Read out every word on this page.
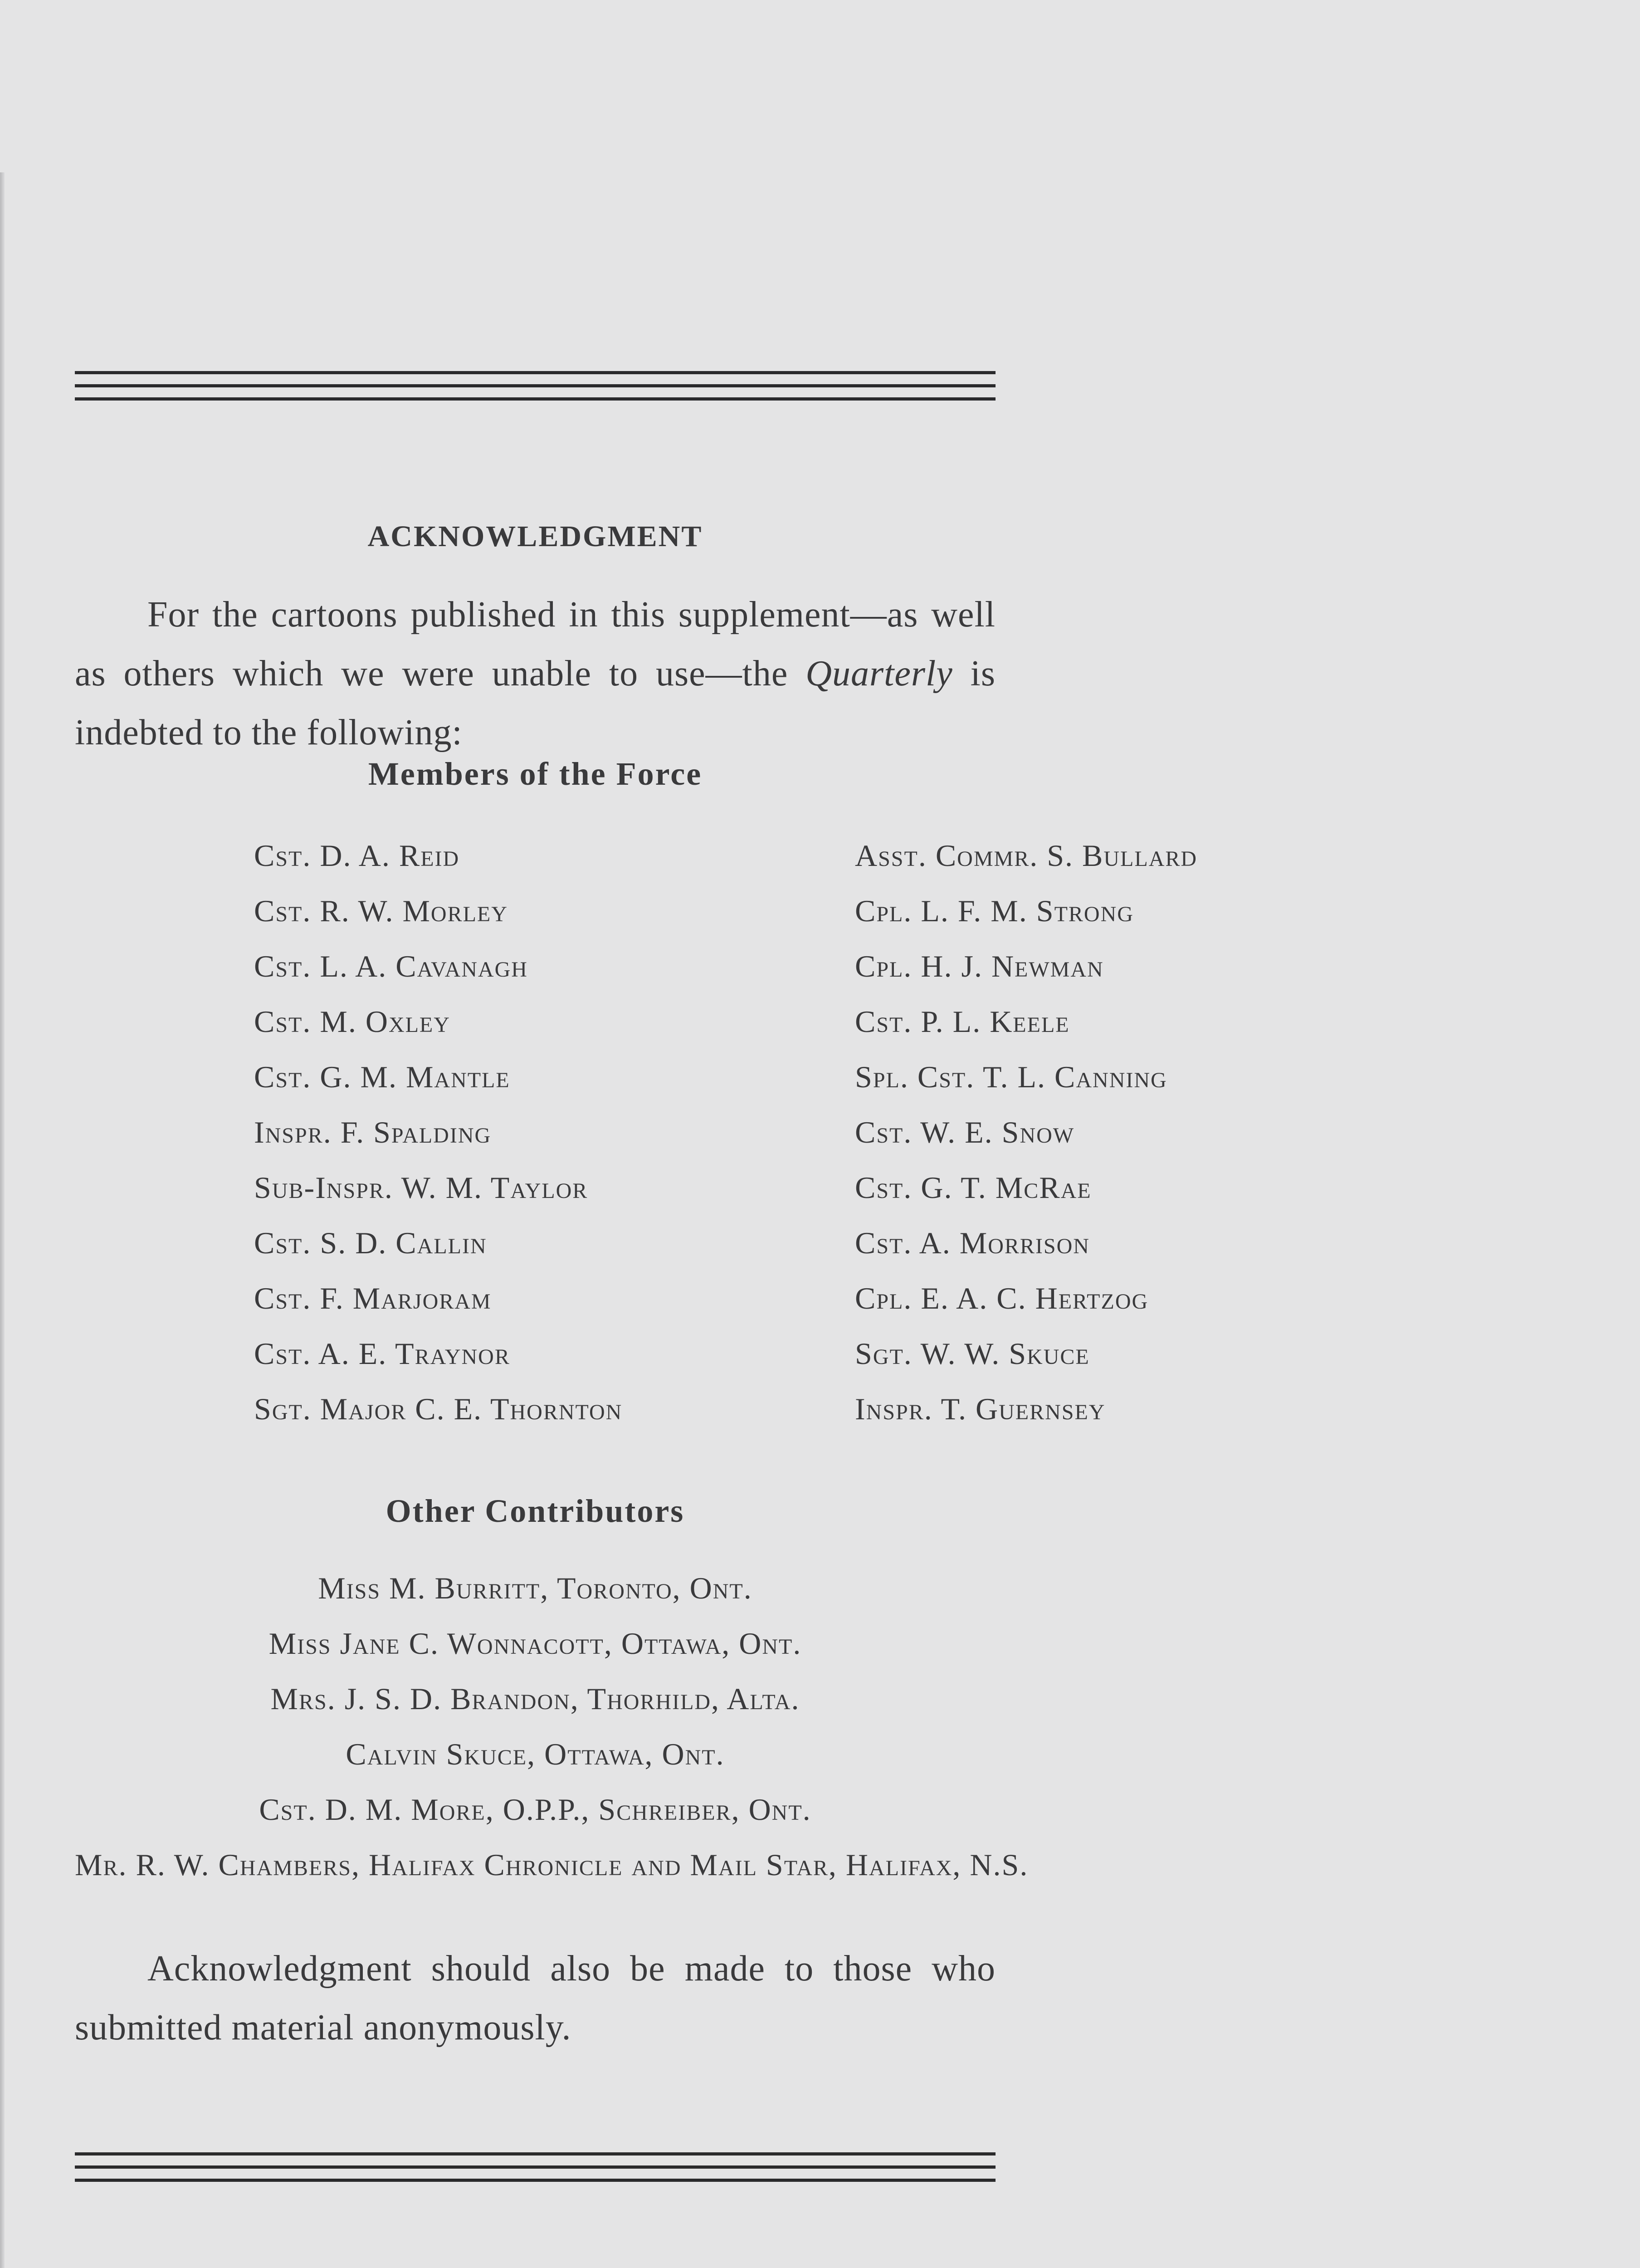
ACKNOWLEDGMENT

For the cartoons published in this supplement—as well as others which we were unable to use—the Quarterly is indebted to the following:

Members of the Force
Cst. D. A. Reid
Cst. R. W. Morley
Cst. L. A. Cavanagh
Cst. M. Oxley
Cst. G. M. Mantle
Inspr. F. Spalding
Sub-Inspr. W. M. Taylor
Cst. S. D. Callin
Cst. F. Marjoram
Cst. A. E. Traynor
Sgt. Major C. E. Thornton
Asst. Commr. S. Bullard
Cpl. L. F. M. Strong
Cpl. H. J. Newman
Cst. P. L. Keele
Spl. Cst. T. L. Canning
Cst. W. E. Snow
Cst. G. T. McRae
Cst. A. Morrison
Cpl. E. A. C. Hertzog
Sgt. W. W. Skuce
Inspr. T. Guernsey
Other Contributors
Miss M. Burritt, Toronto, Ont.
Miss Jane C. Wonnacott, Ottawa, Ont.
Mrs. J. S. D. Brandon, Thorhild, Alta.
Calvin Skuce, Ottawa, Ont.
Cst. D. M. More, O.P.P., Schreiber, Ont.
Mr. R. W. Chambers, Halifax Chronicle and Mail Star, Halifax, N.S.

Acknowledgment should also be made to those who submitted material anonymously.
